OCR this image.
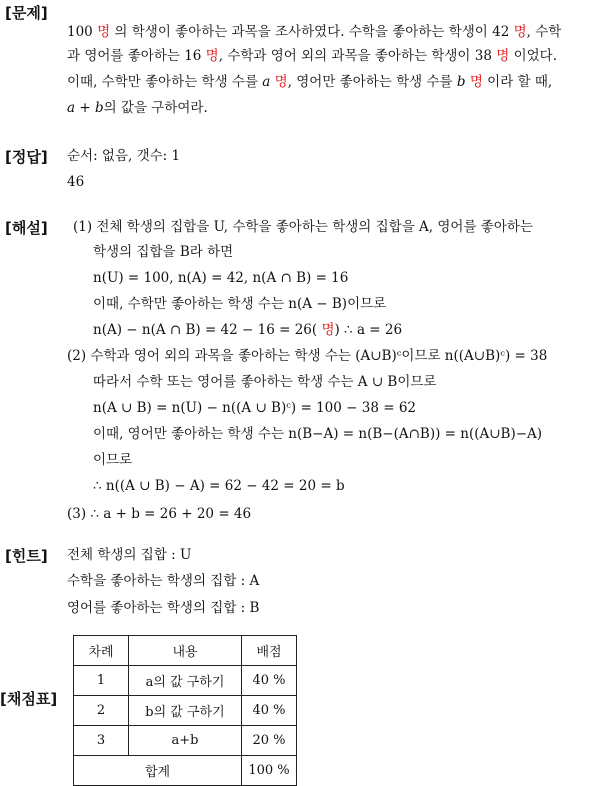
[문제]
[정답]
[해설]
[힌트]
[채점표]
100 명 의 학생이 좋아하는 과목을 조사하였다. 수학을 좋아하는 학생이 42 명, 수학
과 영어를 좋아하는 16 명, 수학과 영어 외의 과목을 좋아하는 학생이 38 명 이었다.
이때, 수학만 좋아하는 학생 수를 a 명, 영어만 좋아하는 학생 수를 b 명 이라 할 때,
a + b의 값을 구하여라.
순서: 없음, 갯수: 1
46
(1) 전체 학생의 집합을 U, 수학을 좋아하는 학생의 집합을 A, 영어를 좋아하는
학생의 집합을 B라 하면
n(U) = 100, n(A) = 42, n(A ∩ B) = 16
이때, 수학만 좋아하는 학생 수는 n(A − B)이므로
n(A) − n(A ∩ B) = 42 − 16 = 26( 명) ∴ a = 26
(2) 수학과 영어 외의 과목을 좋아하는 학생 수는 (A∪B)ᶜ이므로 n((A∪B)ᶜ) = 38
따라서 수학 또는 영어를 좋아하는 학생 수는 A ∪ B이므로
n(A ∪ B) = n(U) − n((A ∪ B)ᶜ) = 100 − 38 = 62
이때, 영어만 좋아하는 학생 수는 n(B−A) = n(B−(A∩B)) = n((A∪B)−A)
이므로
∴ n((A ∪ B) − A) = 62 − 42 = 20 = b
(3) ∴ a + b = 26 + 20 = 46
전체 학생의 집합 : U
수학을 좋아하는 학생의 집합 : A
영어를 좋아하는 학생의 집합 : B
차례	내용	배점
1	a의 값 구하기	40 %
2	b의 값 구하기	40 %
3	a+b	20 %
합계		100 %
